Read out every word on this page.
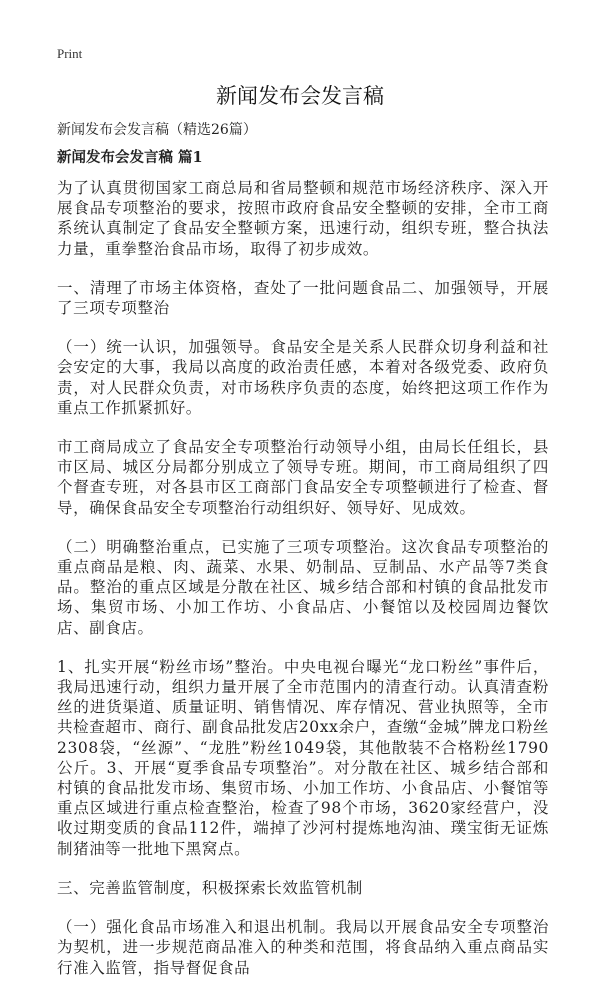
Print
新闻发布会发言稿
新闻发布会发言稿（精选26篇）
新闻发布会发言稿 篇1

为了认真贯彻国家工商总局和省局整顿和规范市场经济秩序、深入开展食品专项整治的要求，按照市政府食品安全整顿的安排，全市工商系统认真制定了食品安全整顿方案，迅速行动，组织专班，整合执法力量，重拳整治食品市场，取得了初步成效。

一、清理了市场主体资格，查处了一批问题食品二、加强领导，开展了三项专项整治

（一）统一认识，加强领导。食品安全是关系人民群众切身利益和社会安定的大事，我局以高度的政治责任感，本着对各级党委、政府负责，对人民群众负责，对市场秩序负责的态度，始终把这项工作作为重点工作抓紧抓好。

市工商局成立了食品安全专项整治行动领导小组，由局长任组长，县市区局、城区分局都分别成立了领导专班。期间，市工商局组织了四个督查专班，对各县市区工商部门食品安全专项整顿进行了检查、督导，确保食品安全专项整治行动组织好、领导好、见成效。

（二）明确整治重点，已实施了三项专项整治。这次食品专项整治的重点商品是粮、肉、蔬菜、水果、奶制品、豆制品、水产品等7类食品。整治的重点区域是分散在社区、城乡结合部和村镇的食品批发市场、集贸市场、小加工作坊、小食品店、小餐馆以及校园周边餐饮店、副食店。

1、扎实开展“粉丝市场”整治。中央电视台曝光“龙口粉丝”事件后，我局迅速行动，组织力量开展了全市范围内的清查行动。认真清查粉丝的进货渠道、质量证明、销售情况、库存情况、营业执照等，全市共检查超市、商行、副食品批发店20xx余户，查缴“金城”牌龙口粉丝2308袋，“丝源”、“龙胜”粉丝1049袋，其他散装不合格粉丝1790公斤。3、开展“夏季食品专项整治”。对分散在社区、城乡结合部和村镇的食品批发市场、集贸市场、小加工作坊、小食品店、小餐馆等重点区域进行重点检查整治，检查了98个市场，3620家经营户，没收过期变质的食品112件，端掉了沙河村提炼地沟油、璞宝街无证炼制猪油等一批地下黑窝点。

三、完善监管制度，积极探索长效监管机制

（一）强化食品市场准入和退出机制。我局以开展食品安全专项整治为契机，进一步规范商品准入的种类和范围，将食品纳入重点商品实行准入监管，指导督促食品
